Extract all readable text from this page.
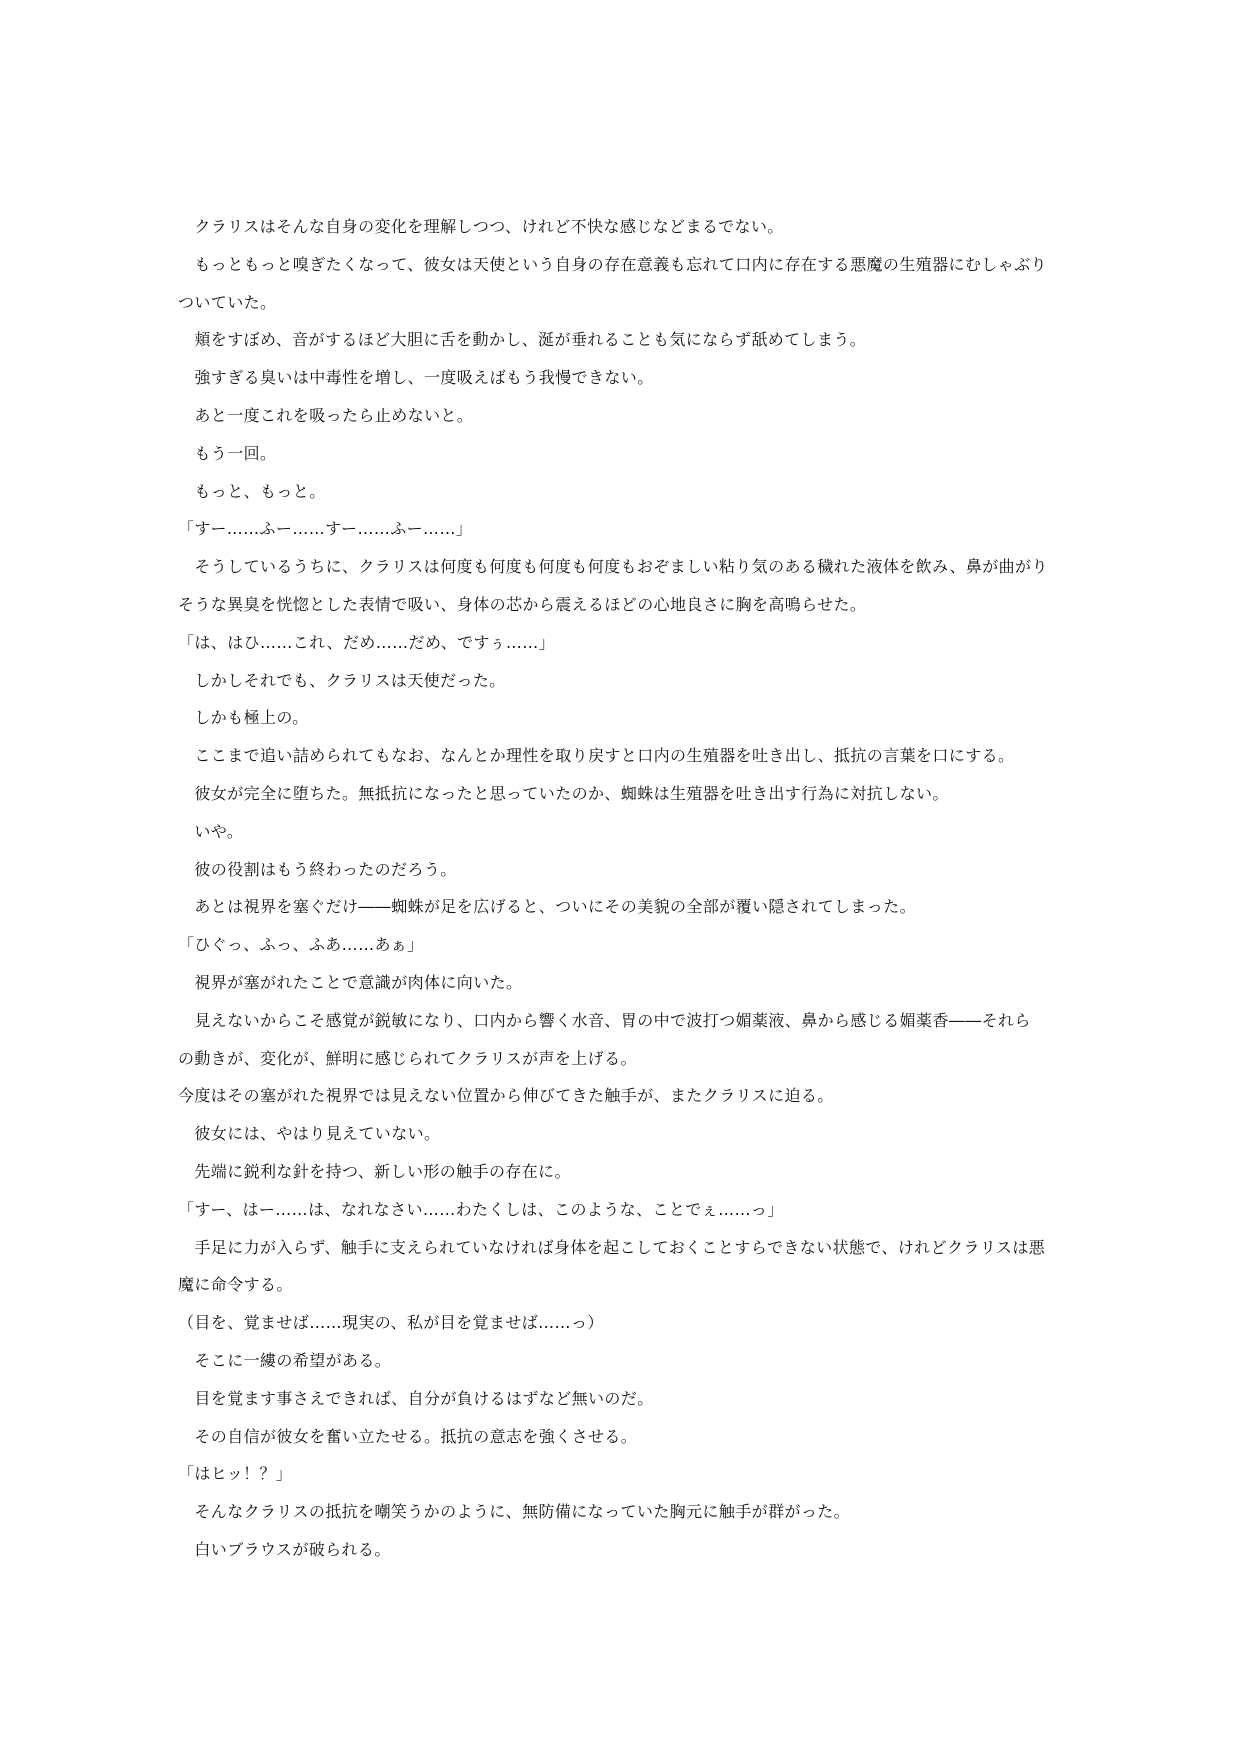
　クラリスはそんな自身の変化を理解しつつ、けれど不快な感じなどまるでない。
　もっともっと嗅ぎたくなって、彼女は天使という自身の存在意義も忘れて口内に存在する悪魔の生殖器にむしゃぶり
ついていた。
　頬をすぼめ、音がするほど大胆に舌を動かし、涎が垂れることも気にならず舐めてしまう。
　強すぎる臭いは中毒性を増し、一度吸えばもう我慢できない。
　あと一度これを吸ったら止めないと。
　もう一回。
　もっと、もっと。
「すー……ふー……すー……ふー……」
　そうしているうちに、クラリスは何度も何度も何度も何度もおぞましい粘り気のある穢れた液体を飲み、鼻が曲がり
そうな異臭を恍惚とした表情で吸い、身体の芯から震えるほどの心地良さに胸を高鳴らせた。
「は、はひ……これ、だめ……だめ、ですぅ……」
　しかしそれでも、クラリスは天使だった。
　しかも極上の。
　ここまで追い詰められてもなお、なんとか理性を取り戻すと口内の生殖器を吐き出し、抵抗の言葉を口にする。
　彼女が完全に堕ちた。無抵抗になったと思っていたのか、蜘蛛は生殖器を吐き出す行為に対抗しない。
　いや。
　彼の役割はもう終わったのだろう。
　あとは視界を塞ぐだけ――蜘蛛が足を広げると、ついにその美貌の全部が覆い隠されてしまった。
「ひぐっ、ふっ、ふあ……あぁ」
　視界が塞がれたことで意識が肉体に向いた。
　見えないからこそ感覚が鋭敏になり、口内から響く水音、胃の中で波打つ媚薬液、鼻から感じる媚薬香――それら
の動きが、変化が、鮮明に感じられてクラリスが声を上げる。
今度はその塞がれた視界では見えない位置から伸びてきた触手が、またクラリスに迫る。
　彼女には、やはり見えていない。
　先端に鋭利な針を持つ、新しい形の触手の存在に。
「すー、はー……は、なれなさい……わたくしは、このような、ことでぇ……っ」
　手足に力が入らず、触手に支えられていなければ身体を起こしておくことすらできない状態で、けれどクラリスは悪
魔に命令する。
（目を、覚ませば……現実の、私が目を覚ませば……っ）
　そこに一縷の希望がある。
　目を覚ます事さえできれば、自分が負けるはずなど無いのだ。
　その自信が彼女を奮い立たせる。抵抗の意志を強くさせる。
「はヒッ！？」
　そんなクラリスの抵抗を嘲笑うかのように、無防備になっていた胸元に触手が群がった。
　白いブラウスが破られる。
